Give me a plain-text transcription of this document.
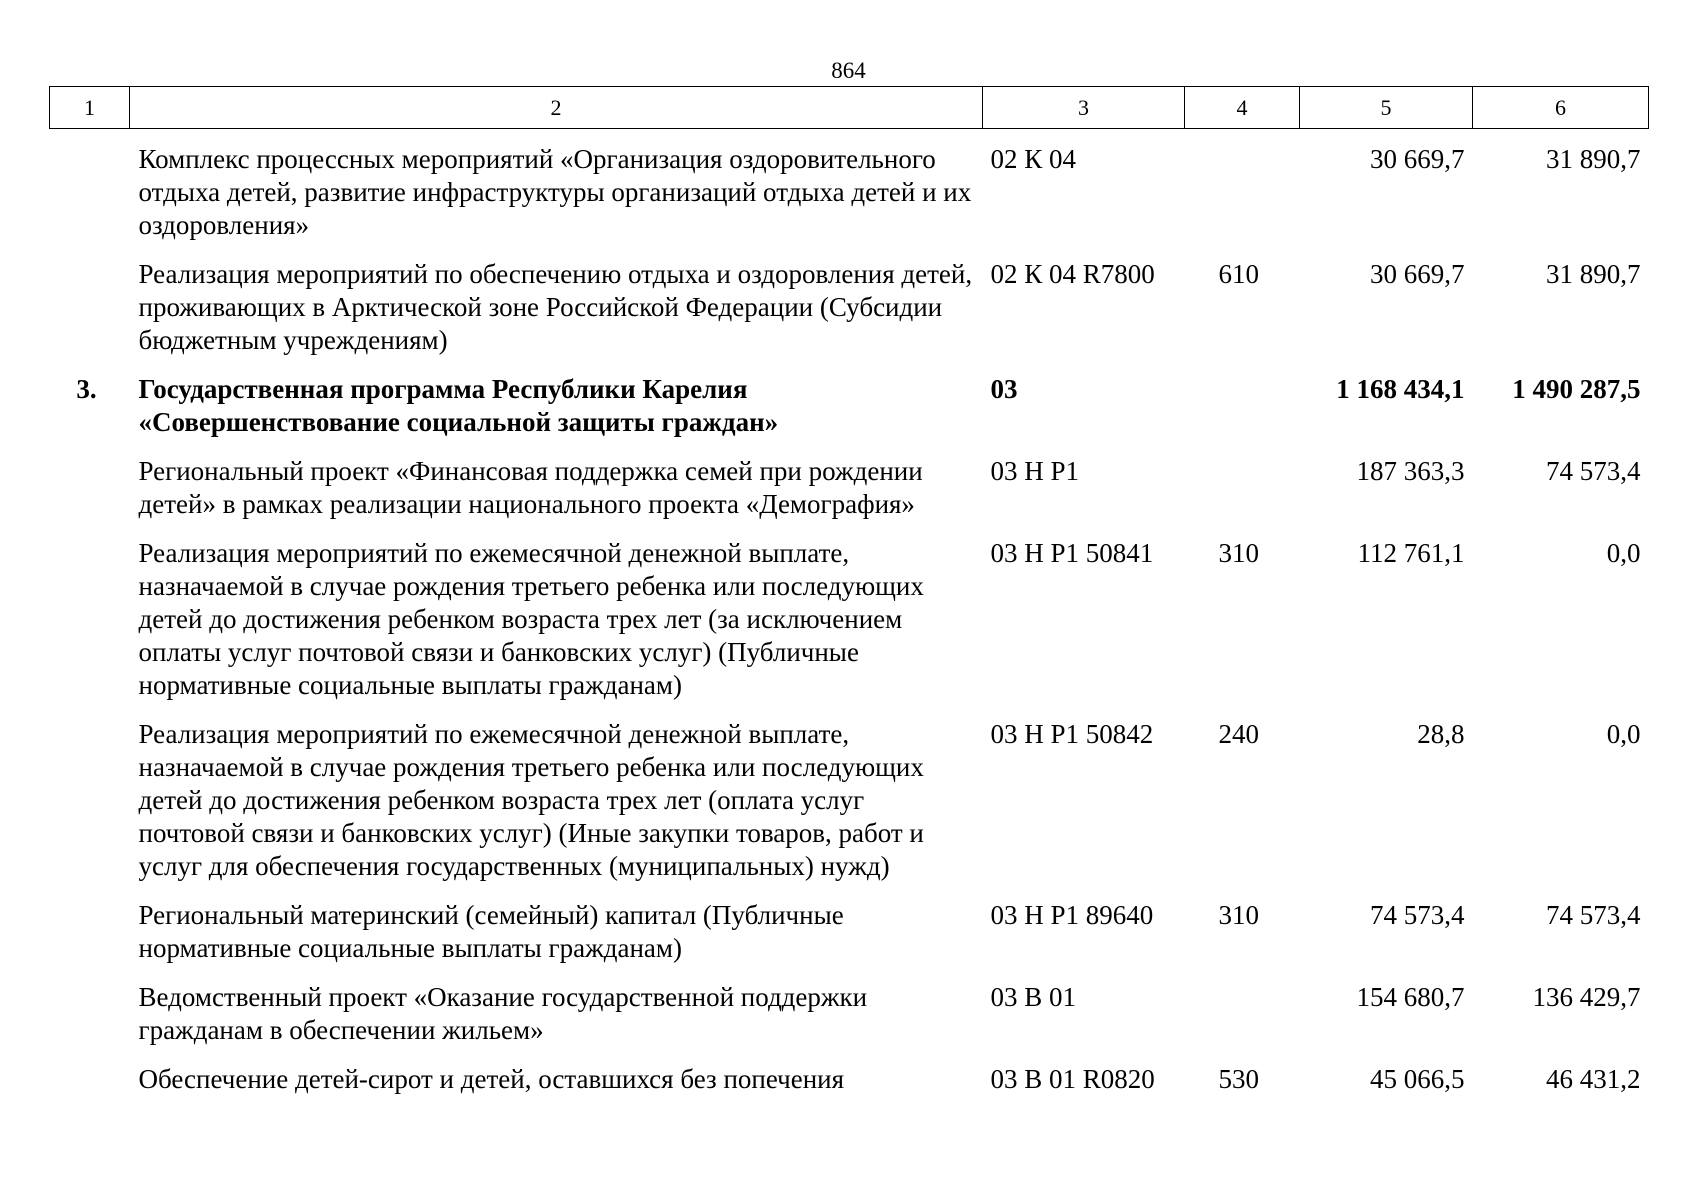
864
1	2	3	4	5	6
	Комплекс процессных мероприятий «Организация оздоровительного отдыха детей, развитие инфраструктуры организаций отдыха детей и их оздоровления»	02 К 04		30 669,7	31 890,7
	Реализация мероприятий по обеспечению отдыха и оздоровления детей, проживающих в Арктической зоне Российской Федерации (Субсидии бюджетным учреждениям)	02 К 04 R7800	610	30 669,7	31 890,7
3.	Государственная программа Республики Карелия «Совершенствование социальной защиты граждан»	03		1 168 434,1	1 490 287,5
	Региональный проект «Финансовая поддержка семей при рождении детей» в рамках реализации национального проекта «Демография»	03 Н Р1		187 363,3	74 573,4
	Реализация мероприятий по ежемесячной денежной выплате, назначаемой в случае рождения третьего ребенка или последующих детей до достижения ребенком возраста трех лет (за исключением оплаты услуг почтовой связи и банковских услуг) (Публичные нормативные социальные выплаты гражданам)	03 Н Р1 50841	310	112 761,1	0,0
	Реализация мероприятий по ежемесячной денежной выплате, назначаемой в случае рождения третьего ребенка или последующих детей до достижения ребенком возраста трех лет (оплата услуг почтовой связи и банковских услуг) (Иные закупки товаров, работ и услуг для обеспечения государственных (муниципальных) нужд)	03 Н Р1 50842	240	28,8	0,0
	Региональный материнский (семейный) капитал (Публичные нормативные социальные выплаты гражданам)	03 Н Р1 89640	310	74 573,4	74 573,4
	Ведомственный проект «Оказание государственной поддержки гражданам в обеспечении жильем»	03 В 01		154 680,7	136 429,7
	Обеспечение детей-сирот и детей, оставшихся без попечения	03 В 01 R0820	530	45 066,5	46 431,2
